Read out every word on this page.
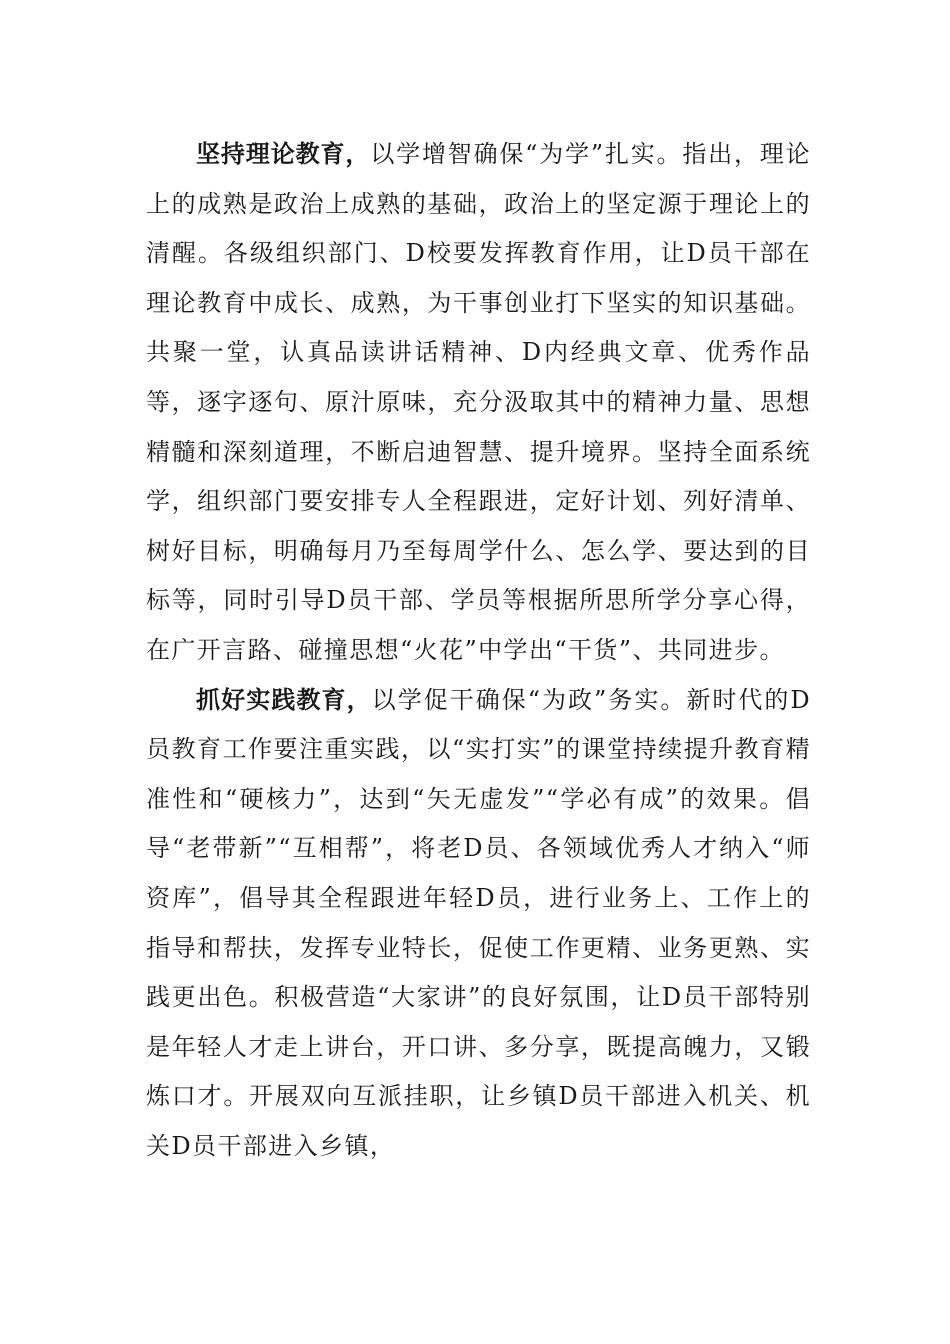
坚持理论教育，以学增智确保“为学”扎实。指出，理论上的成熟是政治上成熟的基础，政治上的坚定源于理论上的清醒。各级组织部门、D校要发挥教育作用，让D员干部在理论教育中成长、成熟，为干事创业打下坚实的知识基础。共聚一堂，认真品读讲话精神、D内经典文章、优秀作品等，逐字逐句、原汁原味，充分汲取其中的精神力量、思想精髓和深刻道理，不断启迪智慧、提升境界。坚持全面系统学，组织部门要安排专人全程跟进，定好计划、列好清单、树好目标，明确每月乃至每周学什么、怎么学、要达到的目标等，同时引导D员干部、学员等根据所思所学分享心得，在广开言路、碰撞思想“火花”中学出“干货”、共同进步。

抓好实践教育，以学促干确保“为政”务实。新时代的D员教育工作要注重实践，以“实打实”的课堂持续提升教育精准性和“硬核力”，达到“矢无虚发”“学必有成”的效果。倡导“老带新”“互相帮”，将老D员、各领域优秀人才纳入“师资库”，倡导其全程跟进年轻D员，进行业务上、工作上的指导和帮扶，发挥专业特长，促使工作更精、业务更熟、实践更出色。积极营造“大家讲”的良好氛围，让D员干部特别是年轻人才走上讲台，开口讲、多分享，既提高魄力，又锻炼口才。开展双向互派挂职，让乡镇D员干部进入机关、机关D员干部进入乡镇，
